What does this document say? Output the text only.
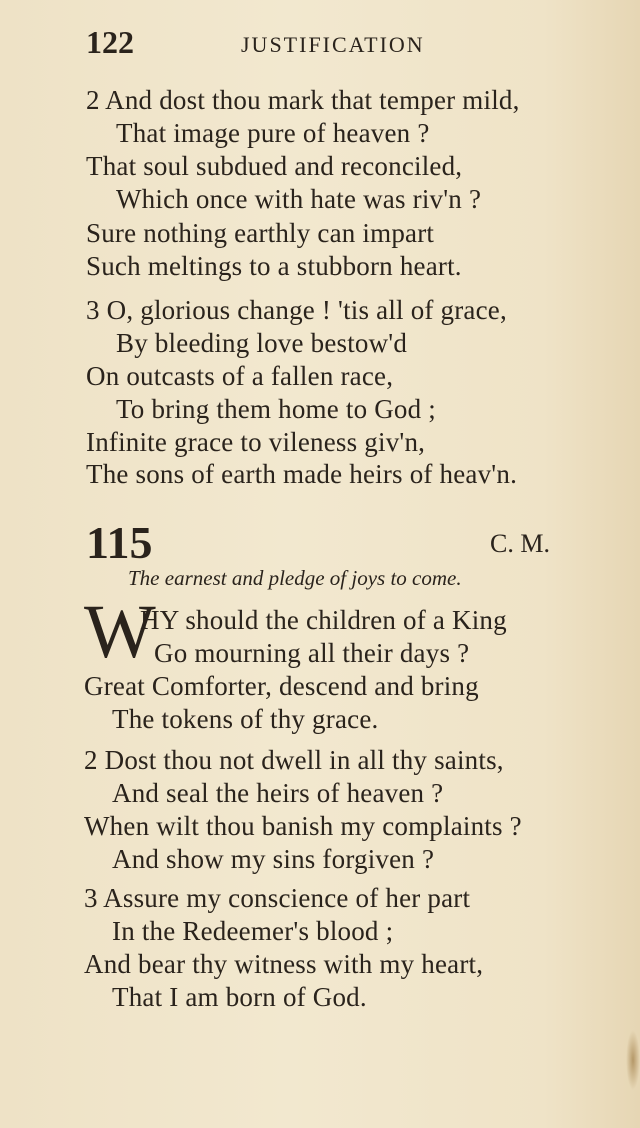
122	JUSTIFICATION
2 And dost thou mark that temper mild,
That image pure of heaven ?
That soul subdued and reconciled,
Which once with hate was riv'n ?
Sure nothing earthly can impart
Such meltings to a stubborn heart.
3 O, glorious change ! 'tis all of grace,
By bleeding love bestow'd
On outcasts of a fallen race,
To bring them home to God ;
Infinite grace to vileness giv'n,
The sons of earth made heirs of heav'n.
115	C. M.
The earnest and pledge of joys to come.
W
HY should the children of a King
Go mourning all their days ?
Great Comforter, descend and bring
The tokens of thy grace.
2 Dost thou not dwell in all thy saints,
And seal the heirs of heaven ?
When wilt thou banish my complaints ?
And show my sins forgiven ?
3 Assure my conscience of her part
In the Redeemer's blood ;
And bear thy witness with my heart,
That I am born of God.
